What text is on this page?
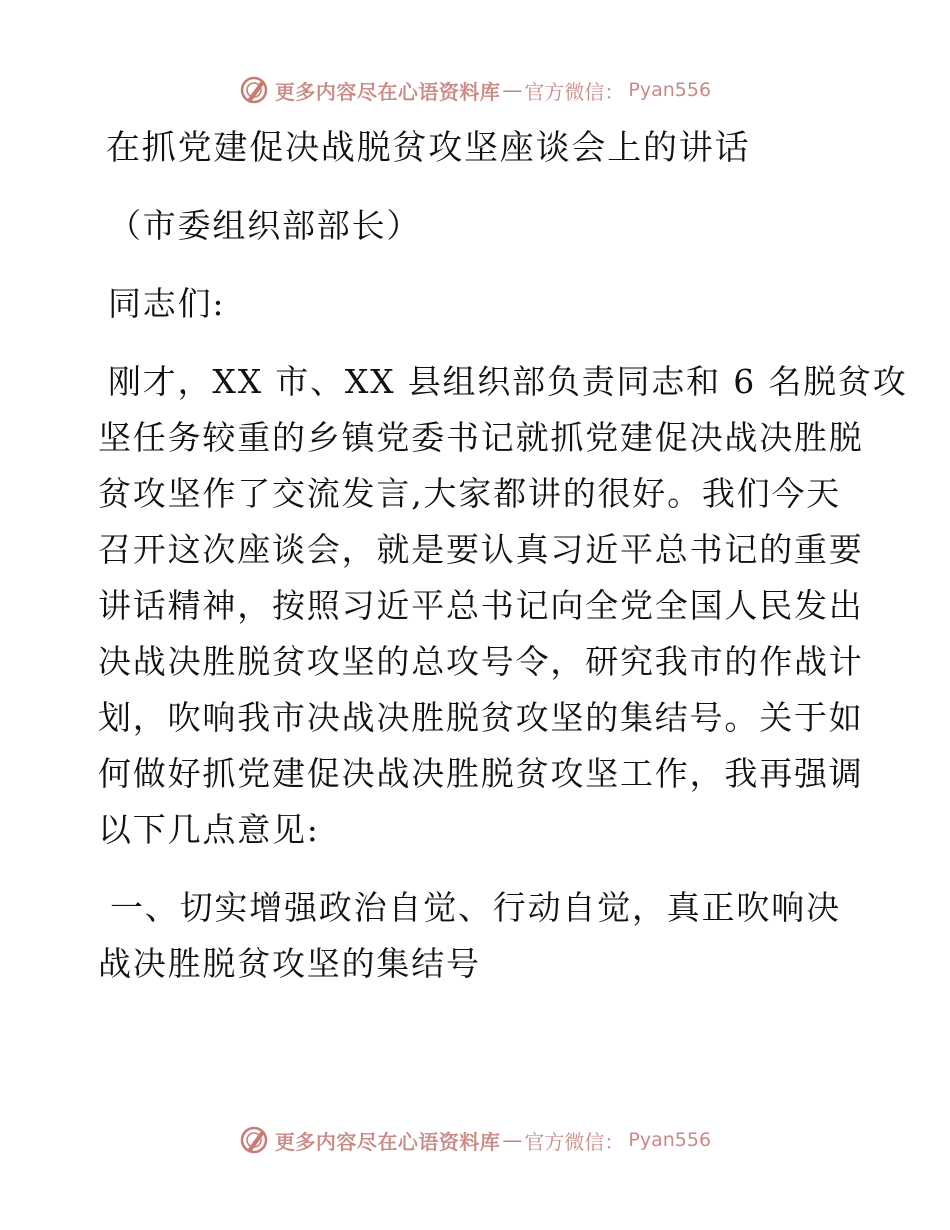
更多内容尽在心语资料库 — 官方微信： Pyan556
在抓党建促决战脱贫攻坚座谈会上的讲话
（市委组织部部长）
同志们:
刚才，XX 市、XX 县组织部负责同志和 6 名脱贫攻
坚任务较重的乡镇党委书记就抓党建促决战决胜脱
贫攻坚作了交流发言,大家都讲的很好。我们今天
召开这次座谈会，就是要认真习近平总书记的重要
讲话精神，按照习近平总书记向全党全国人民发出
决战决胜脱贫攻坚的总攻号令，研究我市的作战计
划，吹响我市决战决胜脱贫攻坚的集结号。关于如
何做好抓党建促决战决胜脱贫攻坚工作，我再强调
以下几点意见:
一、切实增强政治自觉、行动自觉，真正吹响决
战决胜脱贫攻坚的集结号
更多内容尽在心语资料库 — 官方微信： Pyan556
